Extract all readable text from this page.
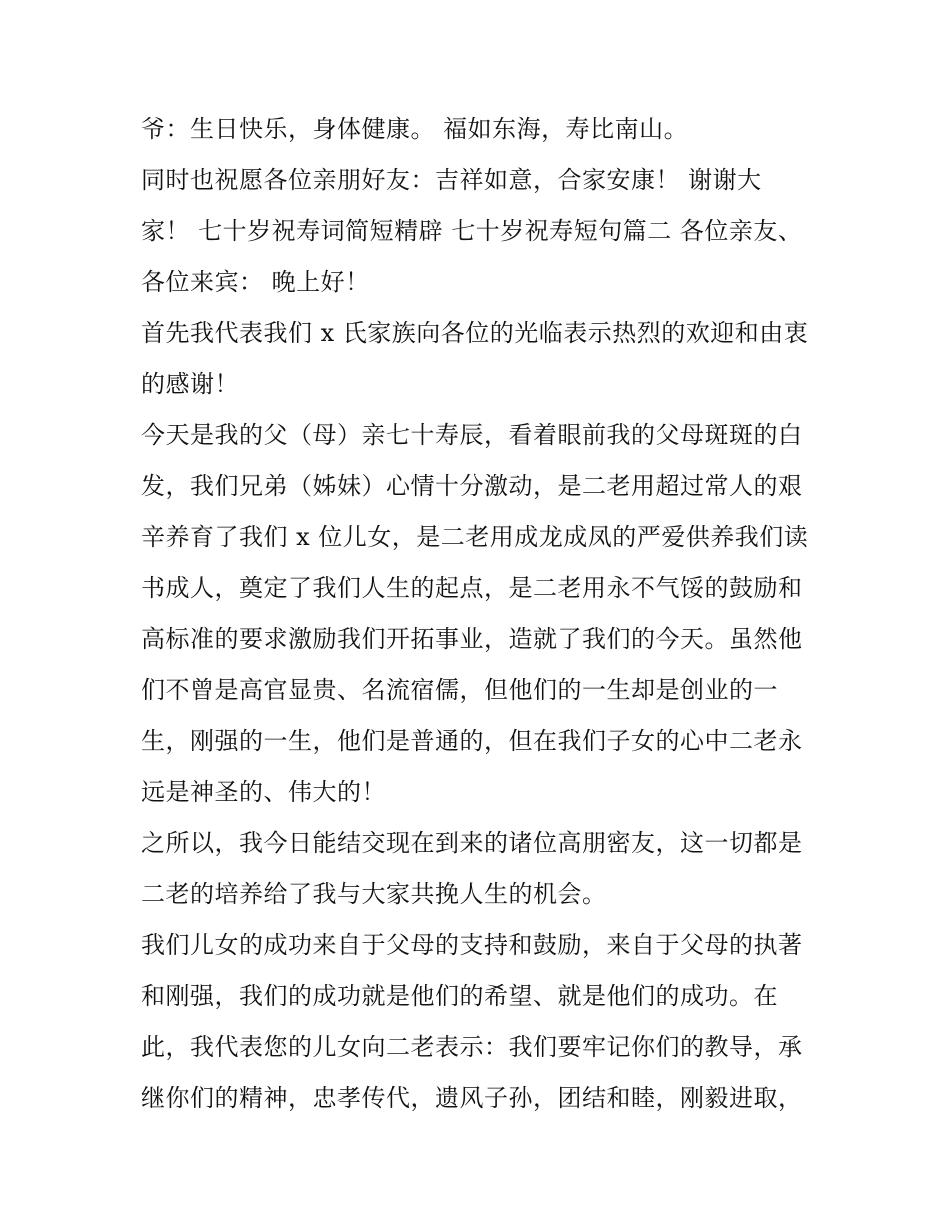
爷：生日快乐，身体健康。 福如东海，寿比南山。
同时也祝愿各位亲朋好友：吉祥如意，合家安康！ 谢谢大
家！ 七十岁祝寿词简短精辟 七十岁祝寿短句篇二 各位亲友、
各位来宾： 晚上好！
首先我代表我们 x 氏家族向各位的光临表示热烈的欢迎和由衷
的感谢！
今天是我的父（母）亲七十寿辰，看着眼前我的父母斑斑的白
发，我们兄弟（姊妹）心情十分激动，是二老用超过常人的艰
辛养育了我们 x 位儿女，是二老用成龙成凤的严爱供养我们读
书成人，奠定了我们人生的起点，是二老用永不气馁的鼓励和
高标准的要求激励我们开拓事业，造就了我们的今天。虽然他
们不曾是高官显贵、名流宿儒，但他们的一生却是创业的一
生，刚强的一生，他们是普通的，但在我们子女的心中二老永
远是神圣的、伟大的！
之所以，我今日能结交现在到来的诸位高朋密友，这一切都是
二老的培养给了我与大家共挽人生的机会。
我们儿女的成功来自于父母的支持和鼓励，来自于父母的执著
和刚强，我们的成功就是他们的希望、就是他们的成功。在
此，我代表您的儿女向二老表示：我们要牢记你们的教导，承
继你们的精神，忠孝传代，遗风子孙，团结和睦，刚毅进取，
